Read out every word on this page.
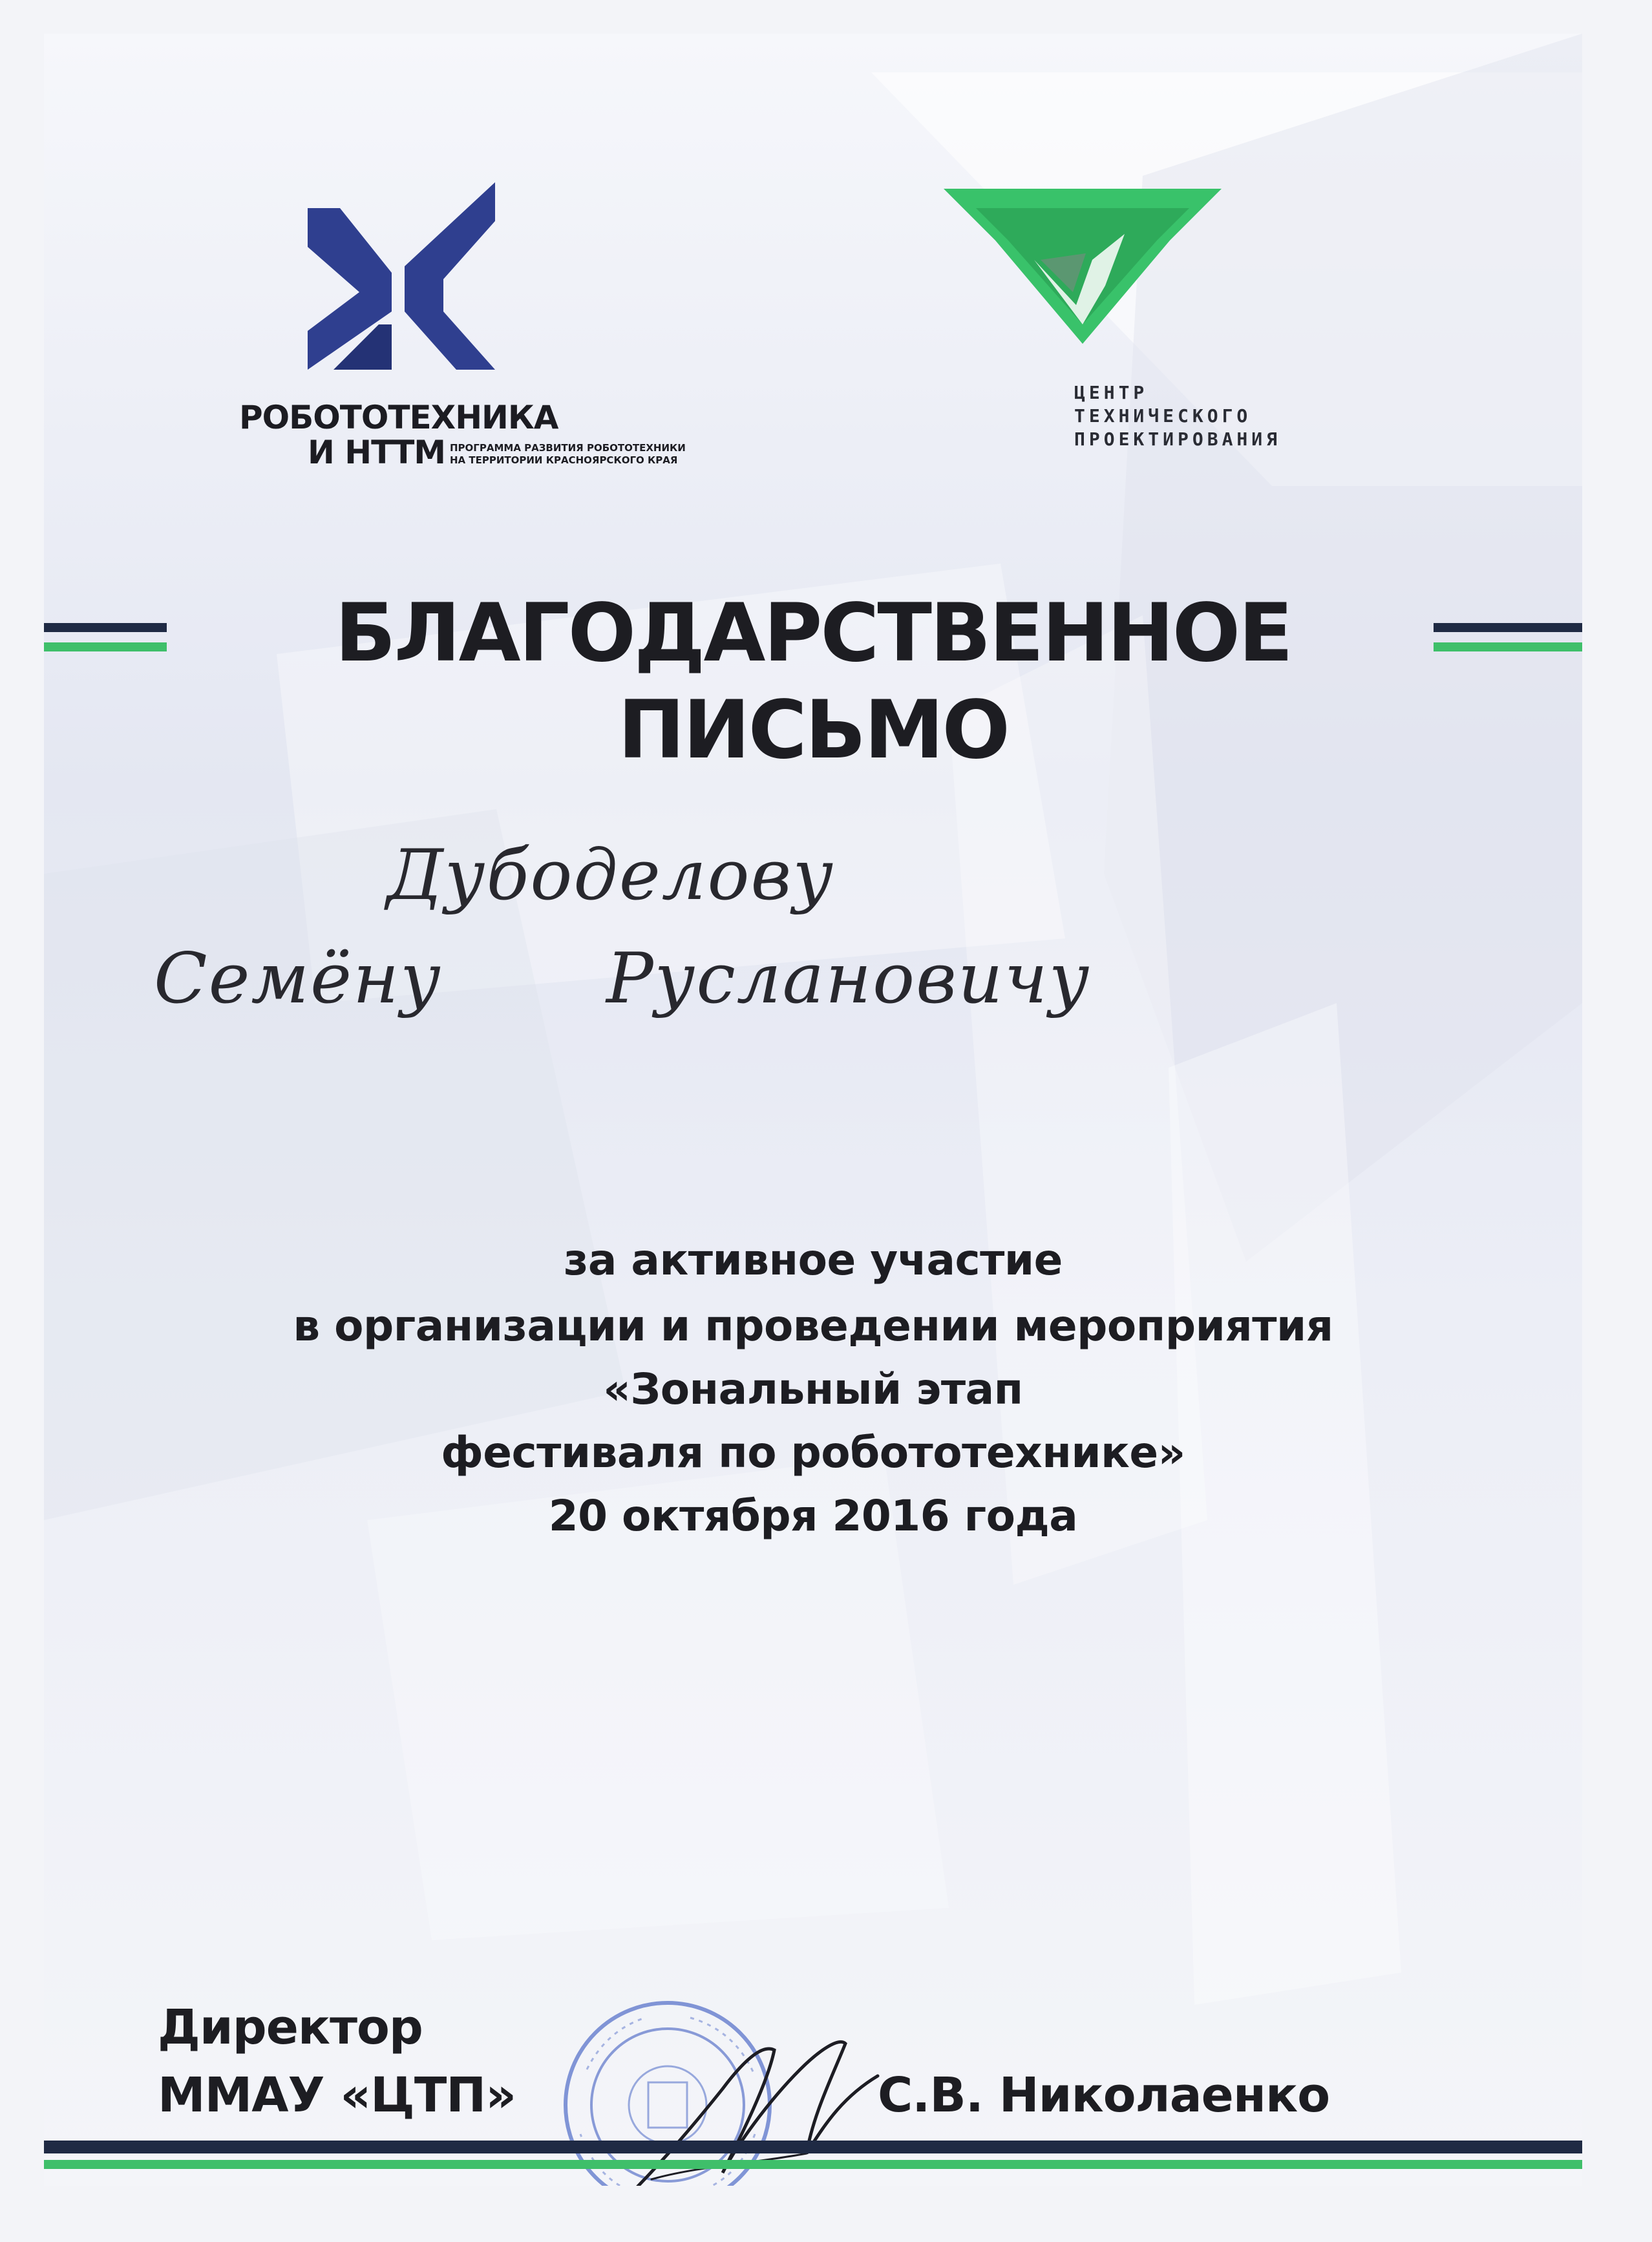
РОБОТОТЕХНИКА
И НТТМ ПРОГРАММА РАЗВИТИЯ РОБОТОТЕХНИКИ
НА ТЕРРИТОРИИ КРАСНОЯРСКОГО КРАЯ
ЦЕНТР
ТЕХНИЧЕСКОГО
ПРОЕКТИРОВАНИЯ
БЛАГОДАРСТВЕННОЕ
ПИСЬМО
Дубоделову
Семёну Руслановичу
за активное участие
в организации и проведении мероприятия
«Зональный этап
фестиваля по робототехнике»
20 октября 2016 года
Директор
ММАУ «ЦТП»	С.В. Николаенко
